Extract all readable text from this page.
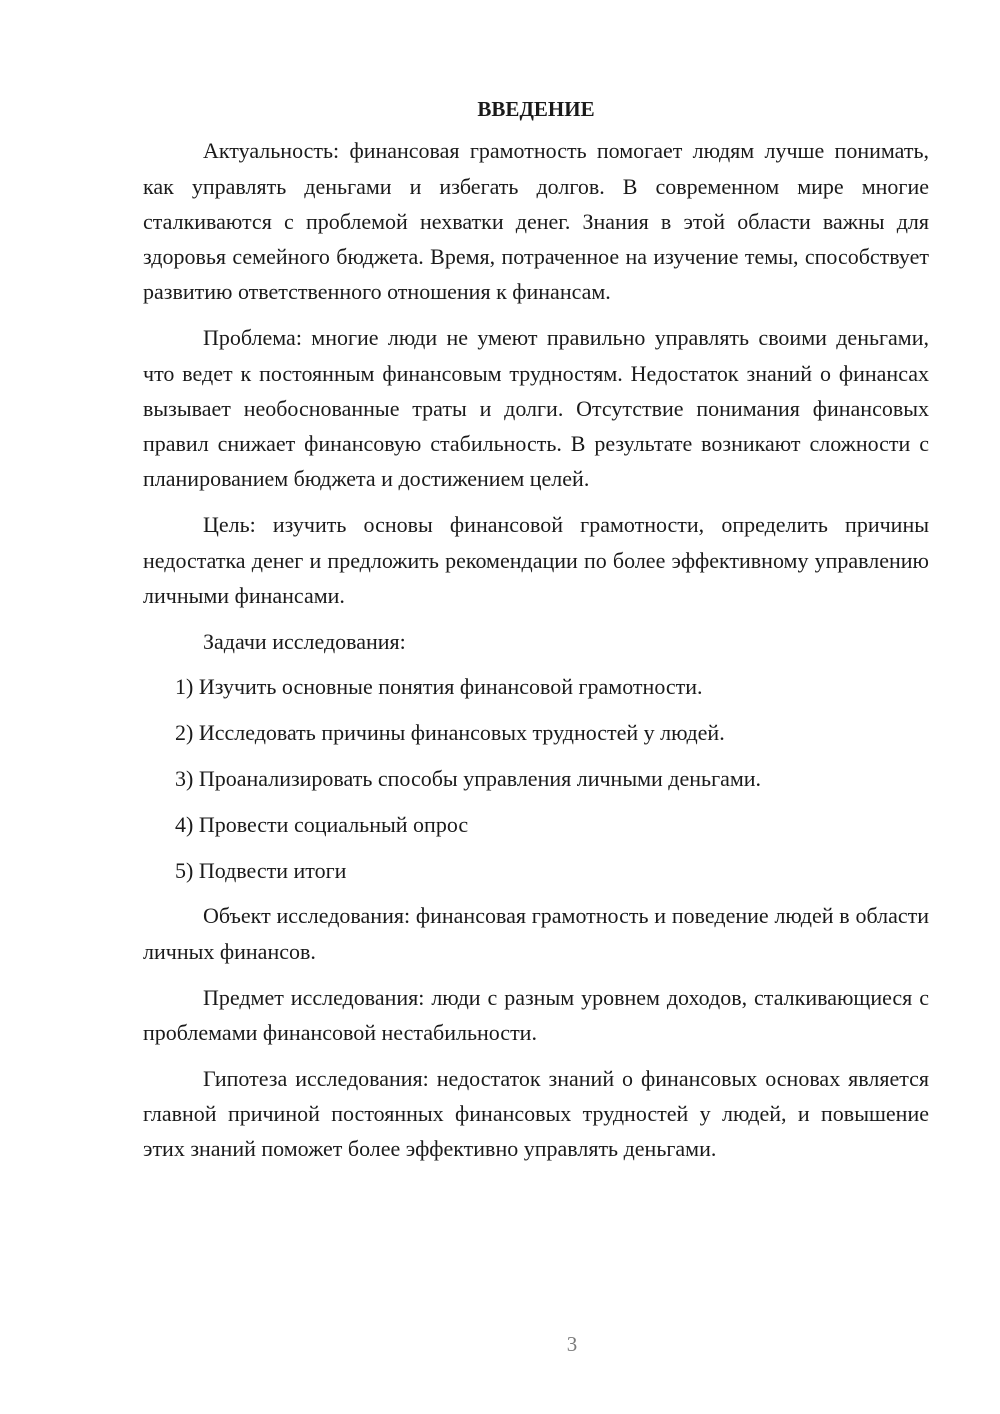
ВВЕДЕНИЕ

Актуальность: финансовая грамотность помогает людям лучше понимать, как управлять деньгами и избегать долгов. В современном мире многие сталкиваются с проблемой нехватки денег. Знания в этой области важны для здоровья семейного бюджета. Время, потраченное на изучение темы, способствует развитию ответственного отношения к финансам.

Проблема: многие люди не умеют правильно управлять своими деньгами, что ведет к постоянным финансовым трудностям. Недостаток знаний о финансах вызывает необоснованные траты и долги. Отсутствие понимания финансовых правил снижает финансовую стабильность. В результате возникают сложности с планированием бюджета и достижением целей.

Цель: изучить основы финансовой грамотности, определить причины недостатка денег и предложить рекомендации по более эффективному управлению личными финансами.

Задачи исследования:

1) Изучить основные понятия финансовой грамотности.
2) Исследовать причины финансовых трудностей у людей.
3) Проанализировать способы управления личными деньгами.
4) Провести социальный опрос
5) Подвести итоги

Объект исследования: финансовая грамотность и поведение людей в области личных финансов.

Предмет исследования: люди с разным уровнем доходов, сталкивающиеся с проблемами финансовой нестабильности.

Гипотеза исследования: недостаток знаний о финансовых основах является главной причиной постоянных финансовых трудностей у людей, и повышение этих знаний поможет более эффективно управлять деньгами.

3
